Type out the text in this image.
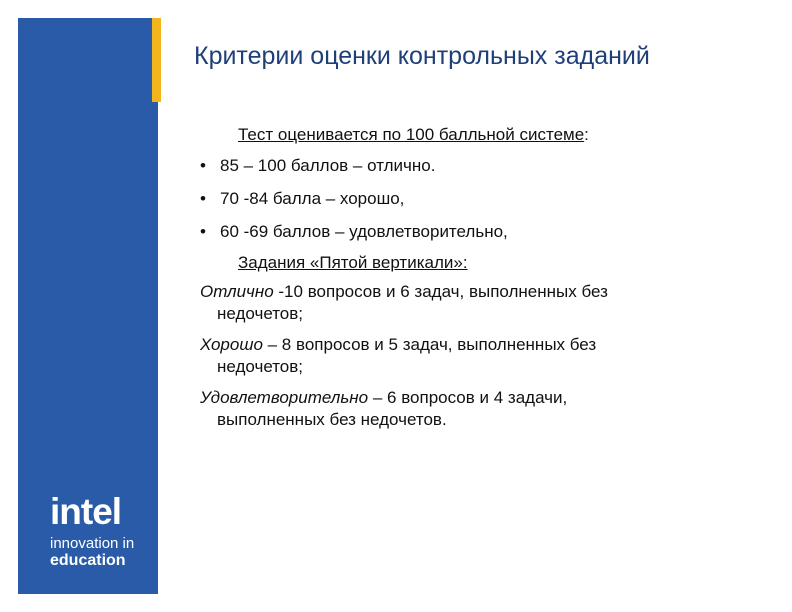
intel	®
innovation in
education
Критерии оценки контрольных заданий
Тест оценивается по 100 балльной системе:
• 85 – 100 баллов – отлично.
• 70 -84 балла – хорошо,
• 60 -69 баллов – удовлетворительно,
Задания «Пятой вертикали»:
Отлично -10 вопросов и 6 задач, выполненных без
недочетов;
Хорошо – 8 вопросов и 5 задач, выполненных без
недочетов;
Удовлетворительно – 6 вопросов и 4 задачи,
выполненных без недочетов.
